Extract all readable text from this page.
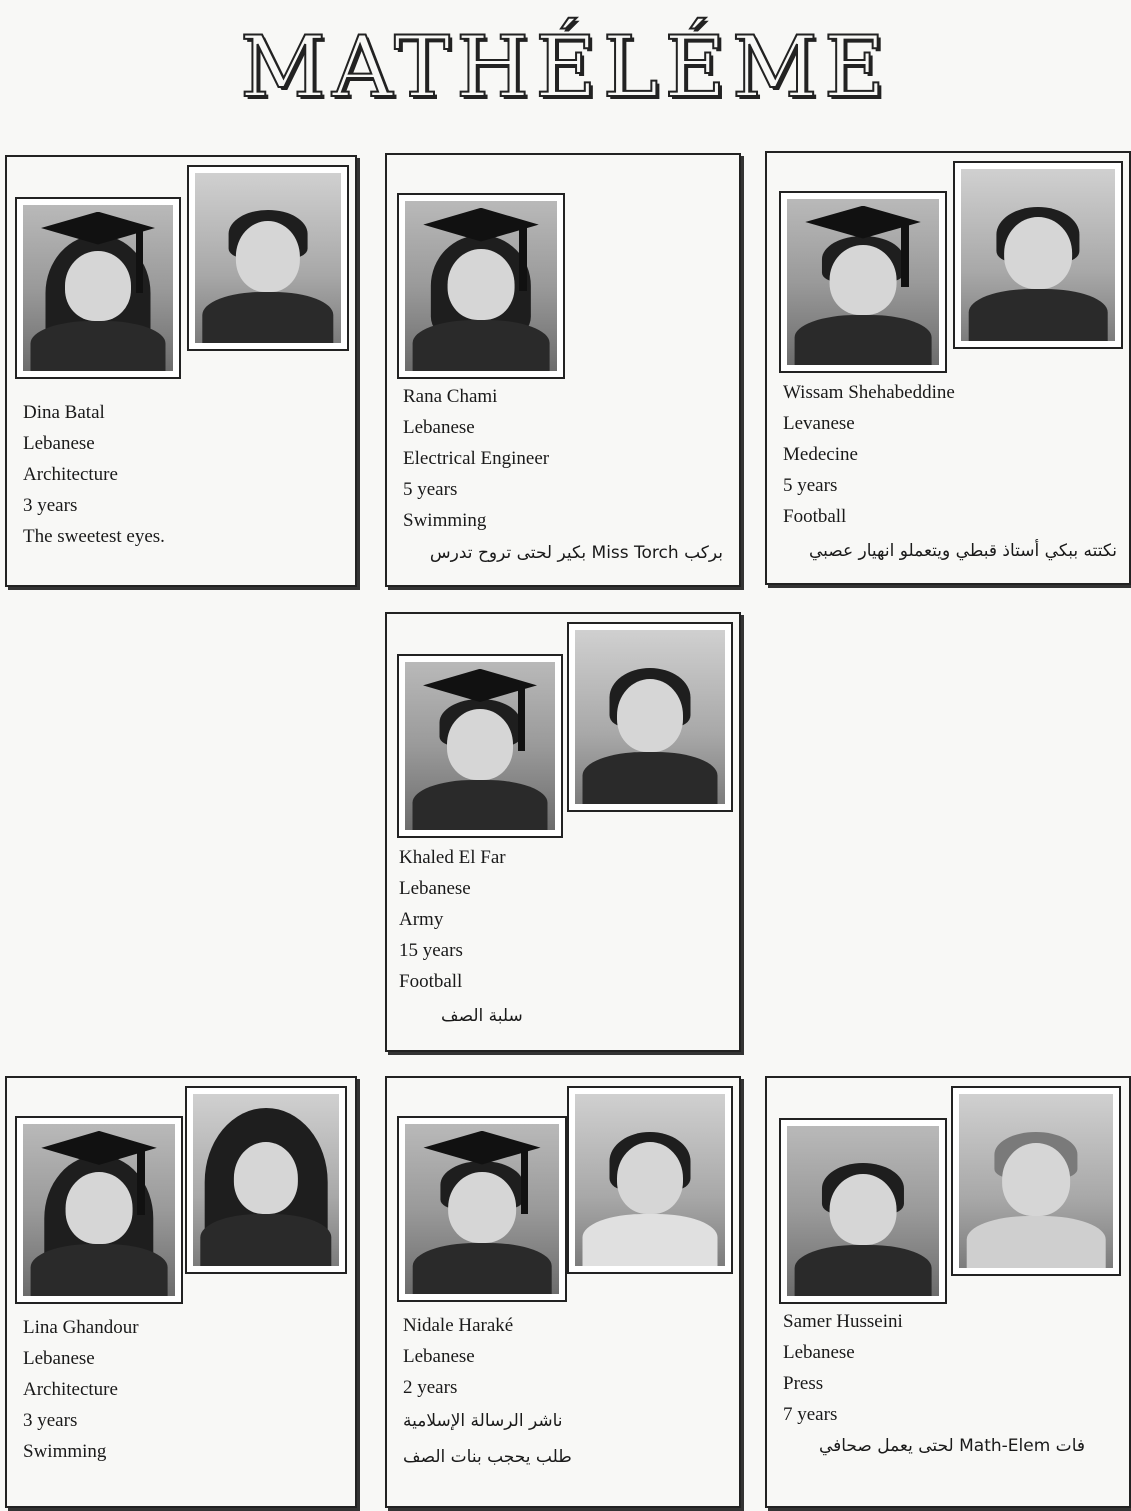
MATHÉLÉME
Dina Batal
Lebanese
Architecture
3 years
The sweetest eyes.
Rana Chami
Lebanese
Electrical Engineer
5 years
Swimming
بركب Miss Torch بكير لحتى تروح تدرس
Wissam Shehabeddine
Levanese
Medecine
5 years
Football
نكتته ببكي أستاذ قبطي ويتعملو انهيار عصبي
Khaled El Far
Lebanese
Army
15 years
Football
سلبة الصف
Lina Ghandour
Lebanese
Architecture
3 years
Swimming
Nidale Haraké
Lebanese
2 years
ناشر الرسالة الإسلامية
طلب يحجب بنات الصف
Samer Husseini
Lebanese
Press
7 years
فات Math-Elem لحتى يعمل صحافي
